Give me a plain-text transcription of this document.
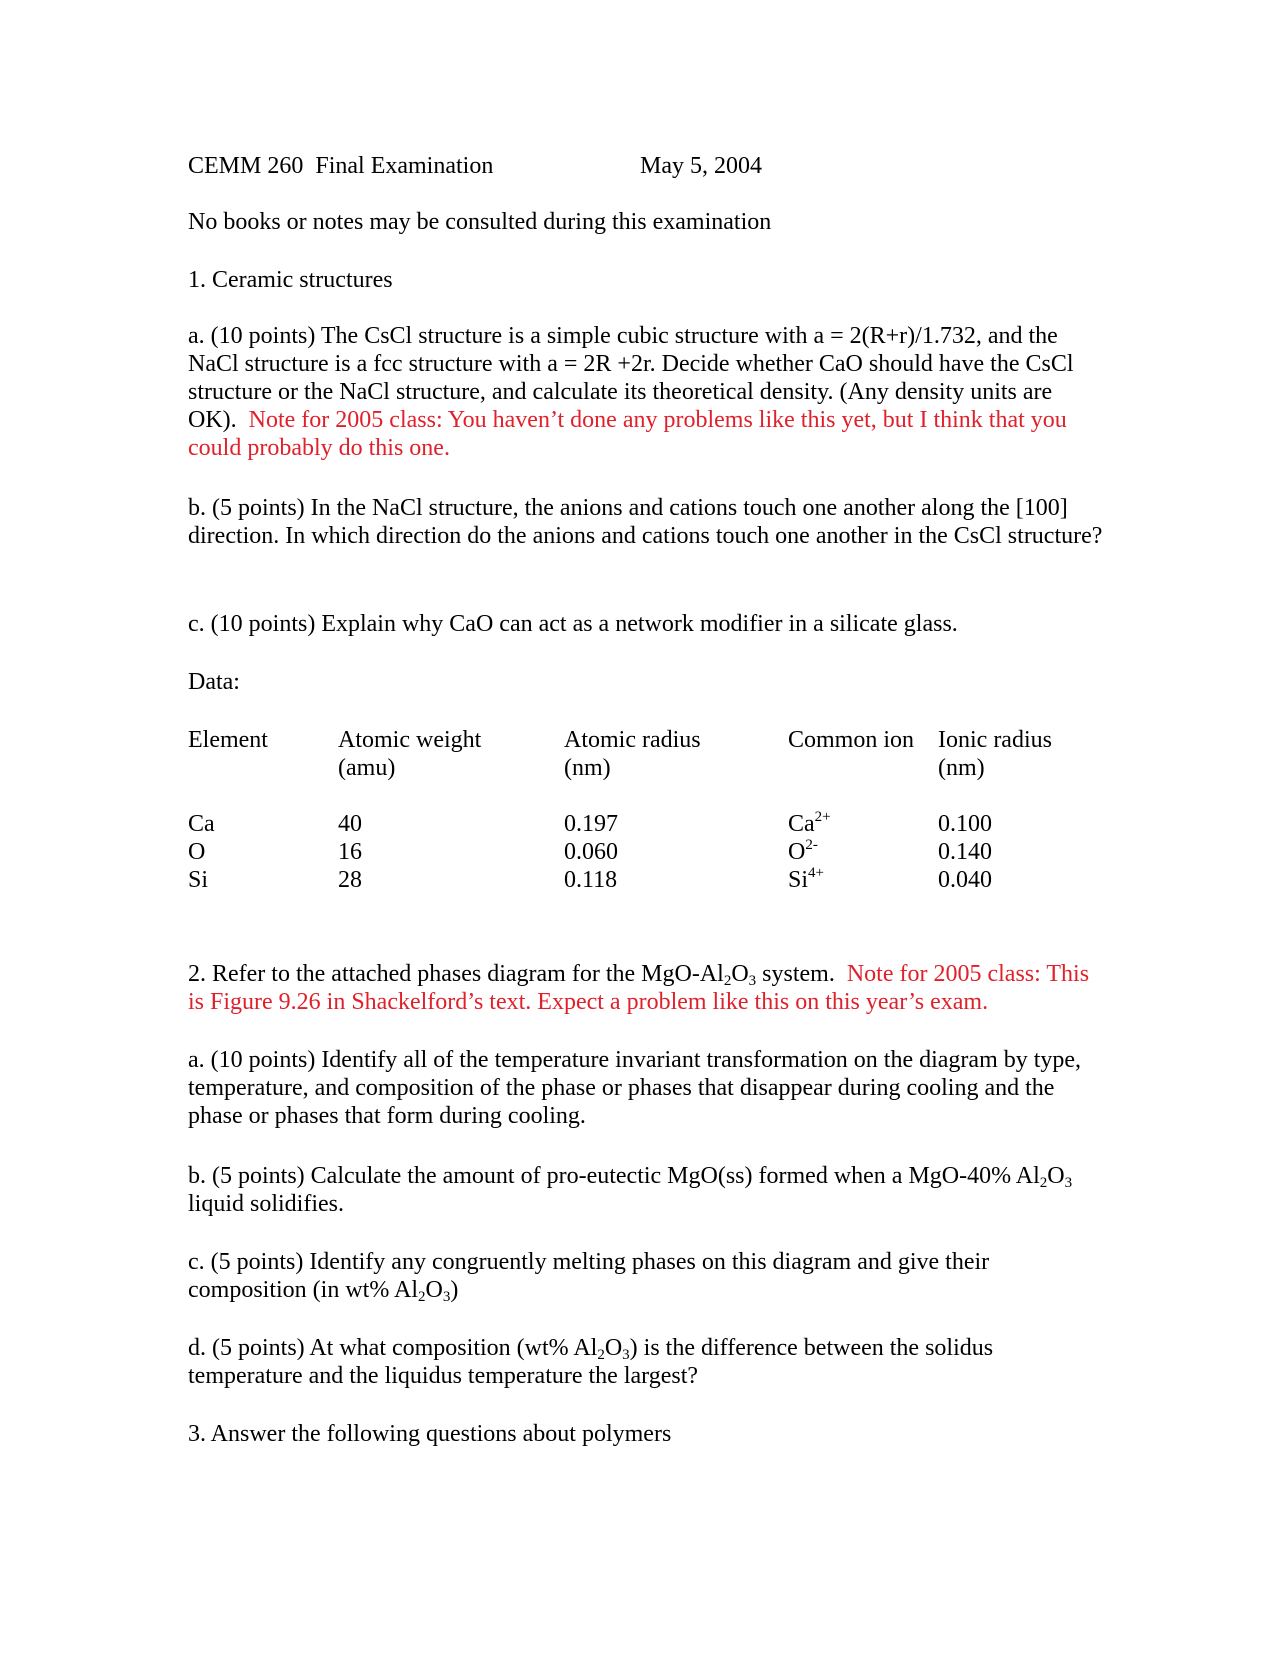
CEMM 260 Final Examination	May 5, 2004

No books or notes may be consulted during this examination

1. Ceramic structures

a. (10 points) The CsCl structure is a simple cubic structure with a = 2(R+r)/1.732, and the NaCl structure is a fcc structure with a = 2R +2r. Decide whether CaO should have the CsCl structure or the NaCl structure, and calculate its theoretical density. (Any density units are OK). Note for 2005 class: You haven’t done any problems like this yet, but I think that you could probably do this one.

b. (5 points) In the NaCl structure, the anions and cations touch one another along the [100] direction. In which direction do the anions and cations touch one another in the CsCl structure?

c. (10 points) Explain why CaO can act as a network modifier in a silicate glass.

Data:

Element
Ca
O
Si
Atomic weight
(amu)
40
16
28
Atomic radius
(nm)
0.197
0.060
0.118
Common ion
$Ca^{2+}$
$O^{2-}$
$Si^{4+}$
Ionic radius
(nm)
0.100
0.140
0.040

2. Refer to the attached phases diagram for the MgO-$Al_2O_3$ system. Note for 2005 class: This is Figure 9.26 in Shackelford’s text. Expect a problem like this on this year’s exam.

a. (10 points) Identify all of the temperature invariant transformation on the diagram by type, temperature, and composition of the phase or phases that disappear during cooling and the phase or phases that form during cooling.

b. (5 points) Calculate the amount of pro-eutectic MgO(ss) formed when a MgO-40% $Al_2O_3$ liquid solidifies.

c. (5 points) Identify any congruently melting phases on this diagram and give their composition (in wt% $Al_2O_3$)

d. (5 points) At what composition (wt% $Al_2O_3$) is the difference between the solidus temperature and the liquidus temperature the largest?

3. Answer the following questions about polymers
